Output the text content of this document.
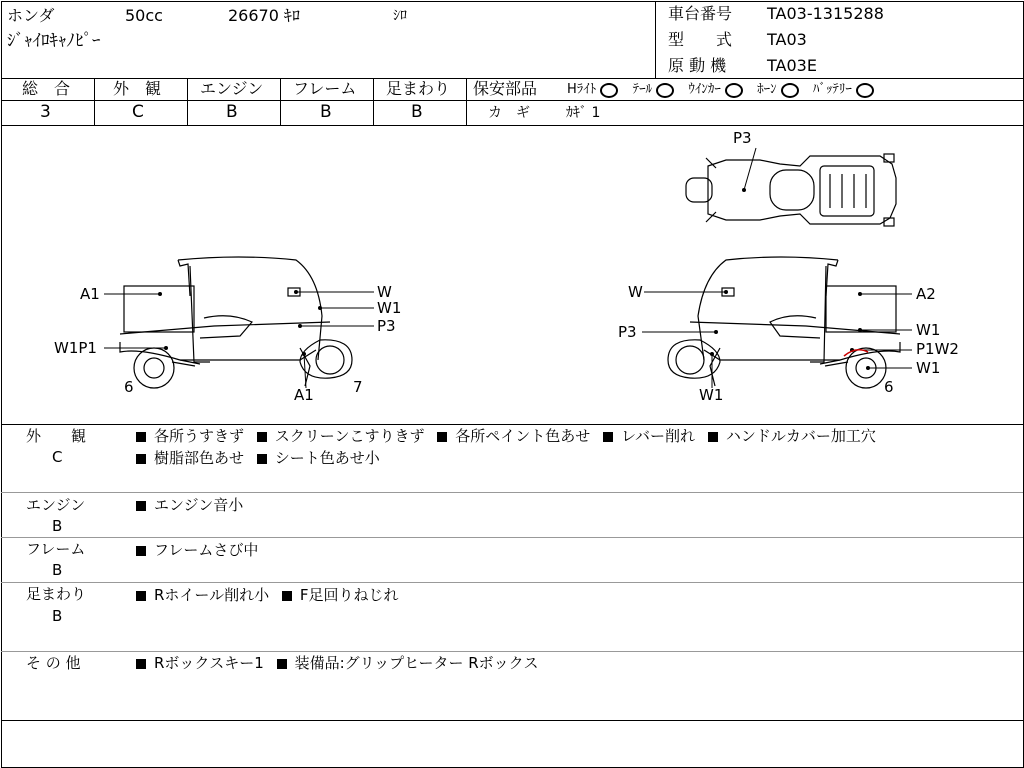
ホンダ	50cc	26670 ｷﾛ	ｼﾛ
ｼﾞｬｲﾛｷｬﾉﾋﾟｰ
車台番号 TA03-1315288
型　　式 TA03
原 動 機	TA03E
総　合	外　観 エンジン フレーム 足まわり
3	C	B	B	B
保安部品 Hﾗｲﾄ

	ﾃｰﾙ

	ｳｲﾝｶｰ

	ﾎｰﾝ

	ﾊﾞｯﾃﾘｰ

カ　ギ	ｶｷﾞ 1
P3
A1
W1P1
W
W1
P3
A1
6	7
W
P3
A2
W1
P1W2
W1
W1	6
外　　観
C
各所うすきず スクリーンこすりきず 各所ペイント色あせ レバー削れ ハンドルカバー加工穴
樹脂部色あせ シート色あせ小
エンジン
B
エンジン音小
フレーム
B
フレームさび中
足まわり
B
Rホイール削れ小 F足回りねじれ
そ の 他	Rボックスキー1 装備品:グリップヒーター Rボックス
